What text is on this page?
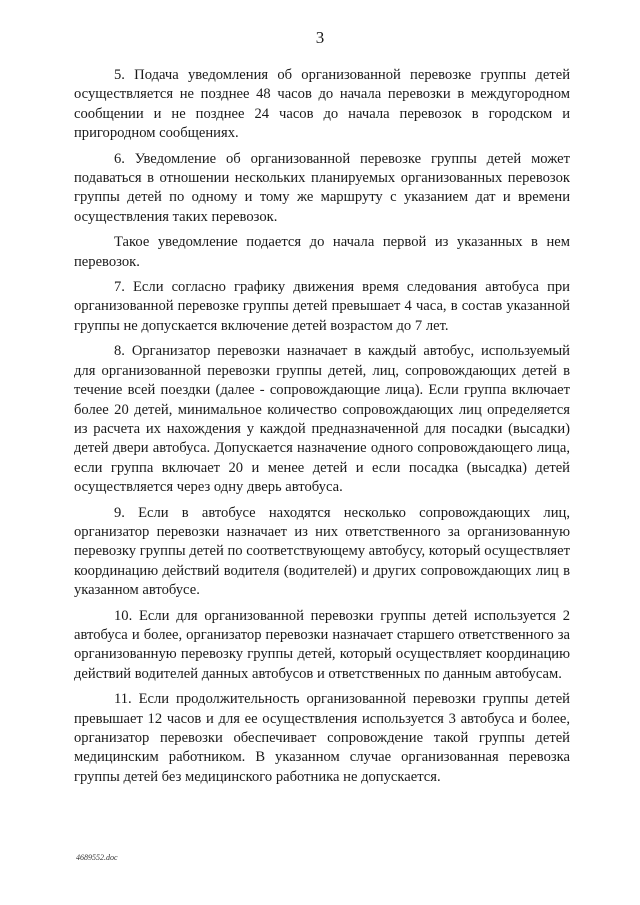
3

5. Подача уведомления об организованной перевозке группы детей осуществляется не позднее 48 часов до начала перевозки в междугородном сообщении и не позднее 24 часов до начала перевозок в городском и пригородном сообщениях.

6. Уведомление об организованной перевозке группы детей может подаваться в отношении нескольких планируемых организованных перевозок группы детей по одному и тому же маршруту с указанием дат и времени осуществления таких перевозок.

Такое уведомление подается до начала первой из указанных в нем перевозок.

7. Если согласно графику движения время следования автобуса при организованной перевозке группы детей превышает 4 часа, в состав указанной группы не допускается включение детей возрастом до 7 лет.

8. Организатор перевозки назначает в каждый автобус, используемый для организованной перевозки группы детей, лиц, сопровождающих детей в течение всей поездки (далее - сопровождающие лица). Если группа включает более 20 детей, минимальное количество сопровождающих лиц определяется из расчета их нахождения у каждой предназначенной для посадки (высадки) детей двери автобуса. Допускается назначение одного сопровождающего лица, если группа включает 20 и менее детей и если посадка (высадка) детей осуществляется через одну дверь автобуса.

9. Если в автобусе находятся несколько сопровождающих лиц, организатор перевозки назначает из них ответственного за организованную перевозку группы детей по соответствующему автобусу, который осуществляет координацию действий водителя (водителей) и других сопровождающих лиц в указанном автобусе.

10. Если для организованной перевозки группы детей используется 2 автобуса и более, организатор перевозки назначает старшего ответственного за организованную перевозку группы детей, который осуществляет координацию действий водителей данных автобусов и ответственных по данным автобусам.

11. Если продолжительность организованной перевозки группы детей превышает 12 часов и для ее осуществления используется 3 автобуса и более, организатор перевозки обеспечивает сопровождение такой группы детей медицинским работником. В указанном случае организованная перевозка группы детей без медицинского работника не допускается.

4689552.doc
